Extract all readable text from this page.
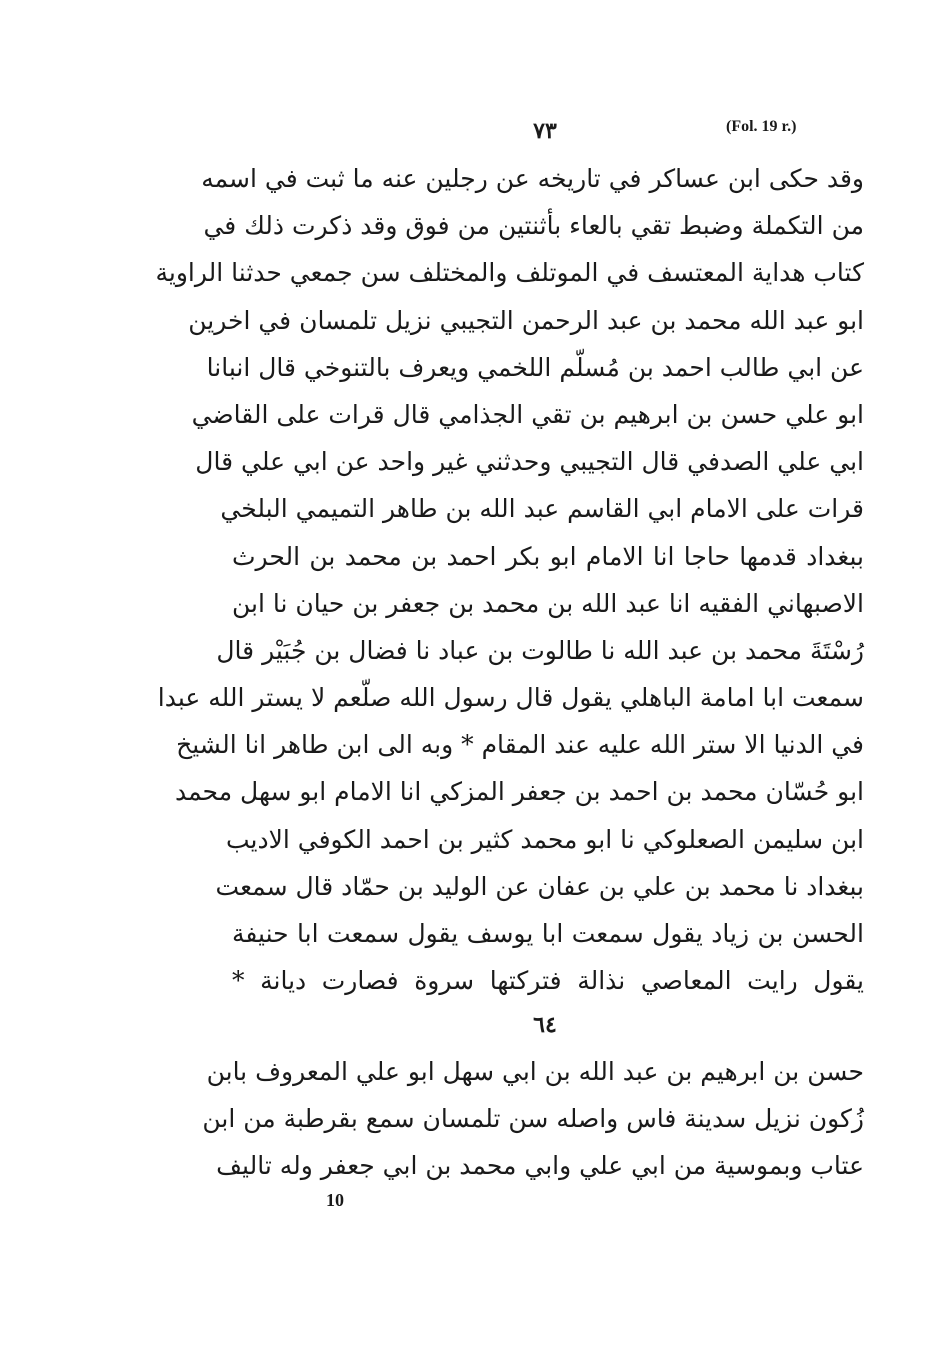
٧٣	(Fol. 19 r.)
وقد حكى ابن عساكر في تاريخه عن رجلين عنه ما ثبت في اسمه
من التكملة وضبط تقي بالعاء بأثنتين من فوق وقد ذكرت ذلك في
كتاب هداية المعتسف في الموتلف والمختلف سن جمعي حدثنا الراوية
ابو عبد الله محمد بن عبد الرحمن التجيبي نزيل تلمسان في اخرين
عن ابي طالب احمد بن مُسلّم اللخمي ويعرف بالتنوخي قال انبانا
ابو علي حسن بن ابرهيم بن تقي الجذامي قال قرات على القاضي
ابي علي الصدفي قال التجيبي وحدثني غير واحد عن ابي علي قال
قرات على الامام ابي القاسم عبد الله بن طاهر التميمي البلخي
ببغداد قدمها حاجا انا الامام ابو بكر احمد بن محمد بن الحرث
الاصبهاني الفقيه انا عبد الله بن محمد بن جعفر بن حيان نا ابن
رُسْتَةَ محمد بن عبد الله نا طالوت بن عباد نا فضال بن جُبَيْر قال
سمعت ابا امامة الباهلي يقول قال رسول الله صلّعم لا يستر الله عبدا
في الدنيا الا ستر الله عليه عند المقام * وبه الى ابن طاهر انا الشيخ
ابو حُسّان محمد بن احمد بن جعفر المزكي انا الامام ابو سهل محمد
ابن سليمن الصعلوكي نا ابو محمد كثير بن احمد الكوفي الاديب
ببغداد نا محمد بن علي بن عفان عن الوليد بن حمّاد قال سمعت
الحسن بن زياد يقول سمعت ابا يوسف يقول سمعت ابا حنيفة
يقول رايت المعاصي نذالة فتركتها سروة فصارت ديانة *
٦٤
حسن بن ابرهيم بن عبد الله بن ابي سهل ابو علي المعروف بابن
زُكون نزيل سدينة فاس واصله سن تلمسان سمع بقرطبة من ابن
عتاب وبموسية من ابي علي وابي محمد بن ابي جعفر وله تاليف
10
